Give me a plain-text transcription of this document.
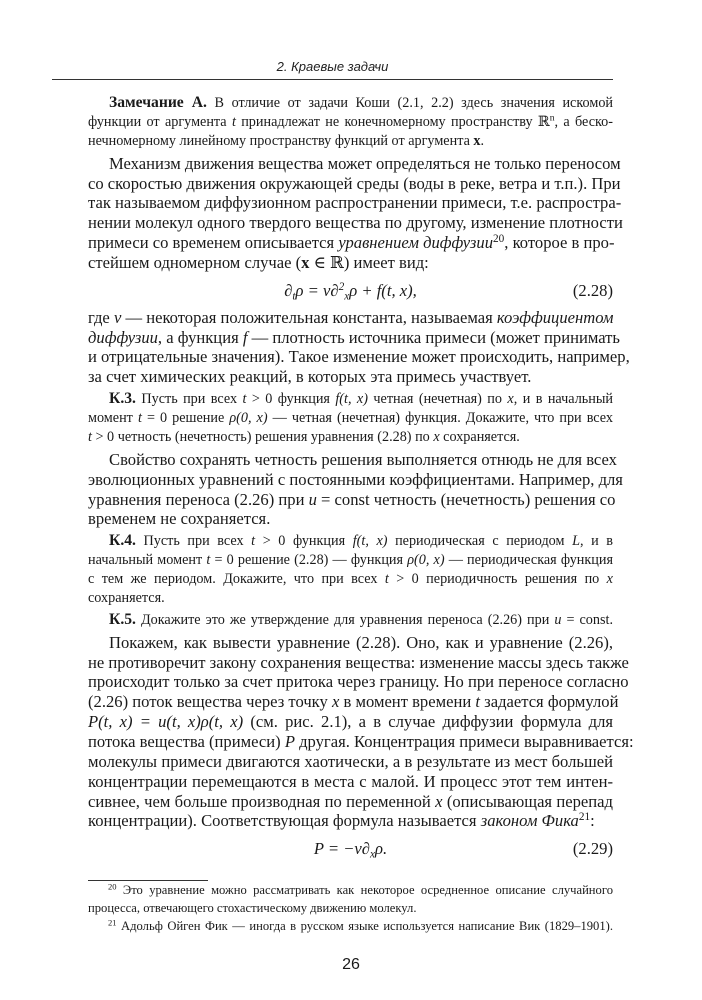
2. Краевые задачи
Замечание А. В отличие от задачи Коши (2.1, 2.2) здесь значения искомой
функции от аргумента t принадлежат не конечномерному пространству ℝ$^n$, а беско-
нечномерному линейному пространству функций от аргумента x.
Механизм движения вещества может определяться не только переносом
со скоростью движения окружающей среды (воды в реке, ветра и т.п.). При
так называемом диффузионном распространении примеси, т.е. распростра-
нении молекул одного твердого вещества по другому, изменение плотности
примеси со временем описывается уравнением диффузии$^{20}$, которое в про-
стейшем одномерном случае (x ∈ ℝ) имеет вид:
$\partial_t\rho = \nu\partial^2_x\rho + f(t$, x),	(2.28)
где ν — некоторая положительная константа, называемая коэффициентом
диффузии, а функция f — плотность источника примеси (может принимать
и отрицательные значения). Такое изменение может происходить, например,
за счет химических реакций, в которых эта примесь участвует.
К.3. Пусть при всех t > 0 функция f(t, x) четная (нечетная) по x, и в начальный
момент t = 0 решение ρ(0, x) — четная (нечетная) функция. Докажите, что при всех
t > 0 четность (нечетность) решения уравнения (2.28) по x сохраняется.
Свойство сохранять четность решения выполняется отнюдь не для всех
эволюционных уравнений с постоянными коэффициентами. Например, для
уравнения переноса (2.26) при u = const четность (нечетность) решения со
временем не сохраняется.
К.4. Пусть при всех t > 0 функция f(t, x) периодическая с периодом L, и в
начальный момент t = 0 решение (2.28) — функция ρ(0, x) — периодическая функция
с тем же периодом. Докажите, что при всех t > 0 периодичность решения по x
сохраняется.
К.5. Докажите это же утверждение для уравнения переноса (2.26) при u = const.
Покажем, как вывести уравнение (2.28). Оно, как и уравнение (2.26),
не противоречит закону сохранения вещества: изменение массы здесь также
происходит только за счет притока через границу. Но при переносе согласно
(2.26) поток вещества через точку x в момент времени t задается формулой
P(t, x) = u(t, x)ρ(t, x) (см. рис. 2.1), а в случае диффузии формула для
потока вещества (примеси) P другая. Концентрация примеси выравнивается:
молекулы примеси двигаются хаотически, а в результате из мест большей
концентрации перемещаются в места с малой. И процесс этот тем интен-
сивнее, чем больше производная по переменной x (описывающая перепад
концентрации). Соответствующая формула называется законом Фика$^{21}$:
$P = -\nu\partial_x\rho$.	(2.29)
$^{20}$ Это уравнение можно рассматривать как некоторое осредненное описание случайного
процесса, отвечающего стохастическому движению молекул.
$^{21}$ Адольф Ойген Фик — иногда в русском языке используется написание Вик (1829–1901).
26
